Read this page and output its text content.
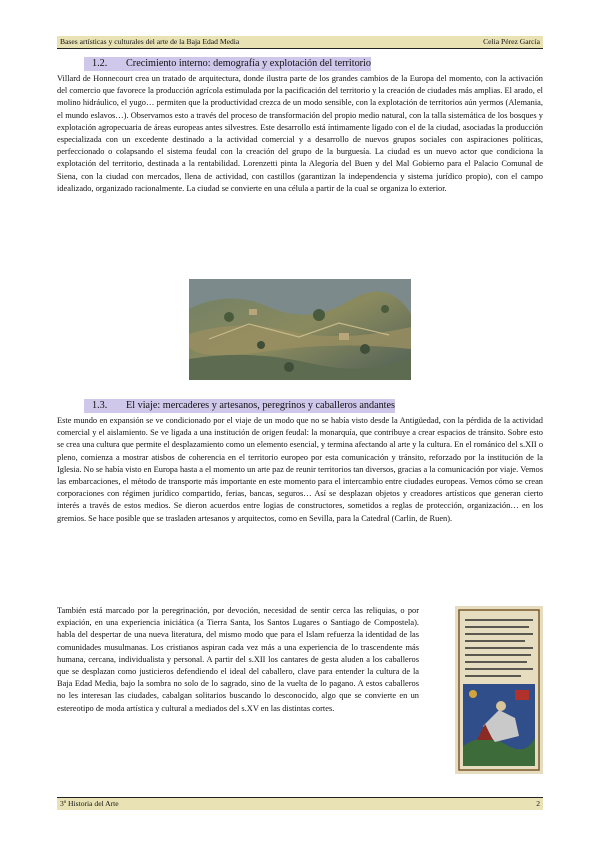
Bases artísticas y culturales del arte de la Baja Edad Media	Celia Pérez García
1.2. Crecimiento interno: demografía y explotación del territorio

Villard de Honnecourt crea un tratado de arquitectura, donde ilustra parte de los grandes cambios de la Europa del momento, con la activación del comercio que favorece la producción agrícola estimulada por la pacificación del territorio y la creación de ciudades más amplias. El arado, el molino hidráulico, el yugo… permiten que la productividad crezca de un modo sensible, con la explotación de territorios aún yermos (Alemania, el mundo eslavos…). Observamos esto a través del proceso de transformación del propio medio natural, con la talla sistemática de los bosques y explotación agropecuaria de áreas europeas antes silvestres. Este desarrollo está íntimamente ligado con el de la ciudad, asociadas la producción especializada con un excedente destinado a la actividad comercial y a desarrollo de nuevos grupos sociales con aspiraciones políticas, perfeccionado o colapsando el sistema feudal con la creación del grupo de la burguesía. La ciudad es un nuevo actor que condiciona la explotación del territorio, destinada a la rentabilidad. Lorenzetti pinta la Alegoría del Buen y del Mal Gobierno para el Palacio Comunal de Siena, con la ciudad con mercados, llena de actividad, con castillos (garantizan la independencia y sistema jurídico propio), con el campo idealizado, organizado racionalmente. La ciudad se convierte en una célula a partir de la cual se organiza lo exterior.

1.3. El viaje: mercaderes y artesanos, peregrinos y caballeros andantes

Este mundo en expansión se ve condicionado por el viaje de un modo que no se había visto desde la Antigüedad, con la pérdida de la actividad comercial y el aislamiento. Se ve ligada a una institución de origen feudal: la monarquía, que contribuye a crear espacios de tránsito. Sobre esto se crea una cultura que permite el desplazamiento como un elemento esencial, y termina afectando al arte y la cultura. En el románico del s.XII o pleno, comienza a mostrar atisbos de coherencia en el territorio europeo por esta comunicación y tránsito, reforzado por la institución de la Iglesia. No se había visto en Europa hasta a el momento un arte paz de reunir territorios tan diversos, gracias a la comunicación por viaje. Vemos las embarcaciones, el método de transporte más importante en este momento para el intercambio entre ciudades europeas. Vemos cómo se crean corporaciones con régimen jurídico compartido, ferias, bancas, seguros… Así se desplazan objetos y creadores artísticos que generan cierto interés a través de estos medios. Se dieron acuerdos entre logias de constructores, sometidos a reglas de protección, organización… en los gremios. Se hace posible que se trasladen artesanos y arquitectos, como en Sevilla, para la Catedral (Carlin, de Ruen).

También está marcado por la peregrinación, por devoción, necesidad de sentir cerca las reliquias, o por expiación, en una experiencia iniciática (a Tierra Santa, los Santos Lugares o Santiago de Compostela). habla del despertar de una nueva literatura, del mismo modo que para el Islam refuerza la identidad de las comunidades musulmanas. Los cristianos aspiran cada vez más a una experiencia de lo trascendente más humana, cercana, individualista y personal. A partir del s.XII los cantares de gesta aluden a los caballeros que se desplazan como justicieros defendiendo el ideal del caballero, clave para entender la cultura de la Baja Edad Media, bajo la sombra no solo de lo sagrado, sino de la vuelta de lo pagano. A estos caballeros no les interesan las ciudades, cabalgan solitarios buscando lo desconocido, algo que se convierte en un estereotipo de moda artística y cultural a mediados del s.XV en las distintas cortes.

3º Historia del Arte	2
